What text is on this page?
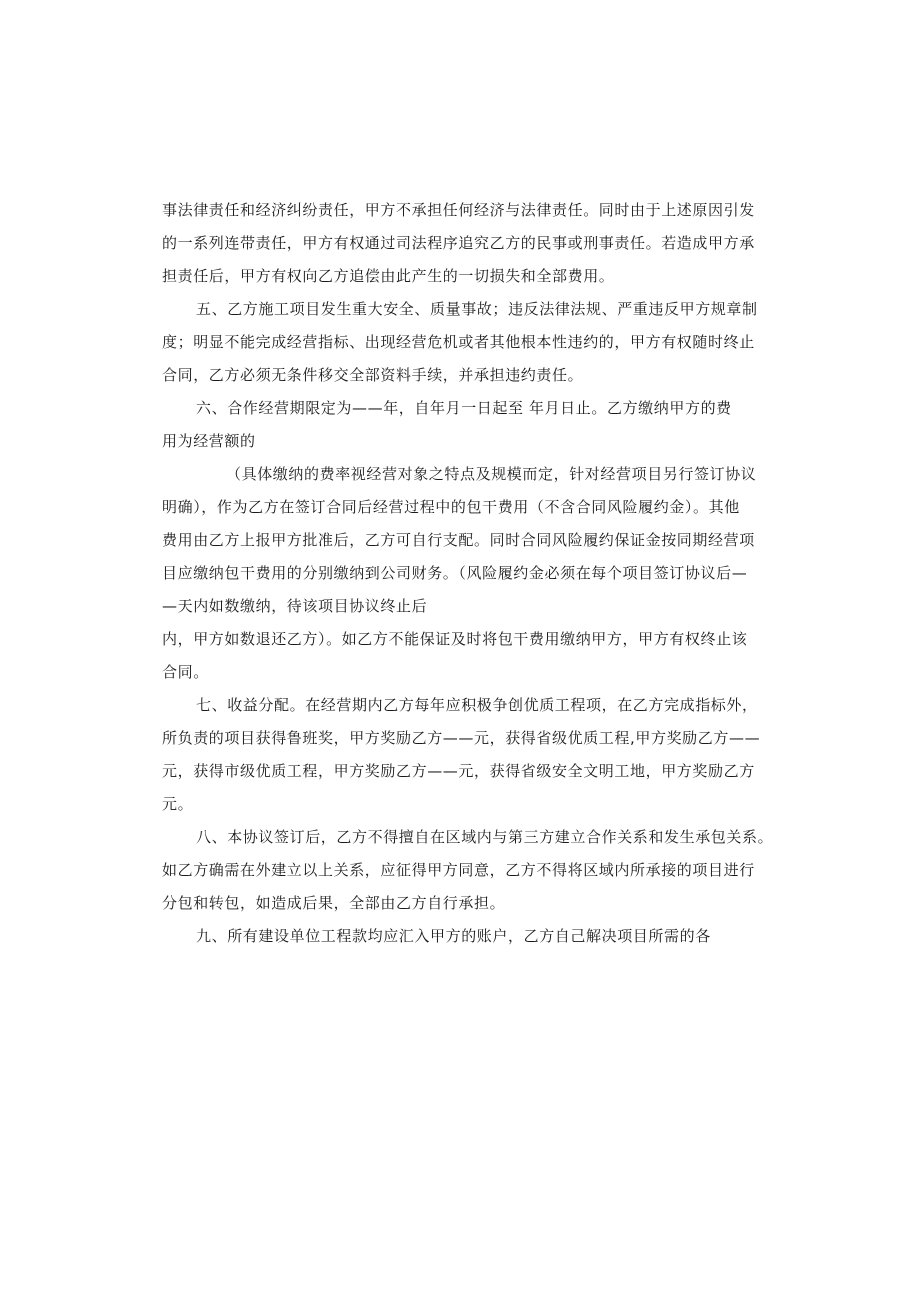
事法律责任和经济纠纷责任，甲方不承担任何经济与法律责任。同时由于上述原因引发
的一系列连带责任，甲方有权通过司法程序追究乙方的民事或刑事责任。若造成甲方承
担责任后，甲方有权向乙方追偿由此产生的一切损失和全部费用。
五、乙方施工项目发生重大安全、质量事故；违反法律法规、严重违反甲方规章制
度；明显不能完成经营指标、出现经营危机或者其他根本性违约的，甲方有权随时终止
合同，乙方必须无条件移交全部资料手续，并承担违约责任。
六、合作经营期限定为——年，自年月一日起至 年月日止。乙方缴纳甲方的费
用为经营额的
（具体缴纳的费率视经营对象之特点及规模而定，针对经营项目另行签订协议
明确），作为乙方在签订合同后经营过程中的包干费用（不含合同风险履约金）。其他
费用由乙方上报甲方批准后，乙方可自行支配。同时合同风险履约保证金按同期经营项
目应缴纳包干费用的分别缴纳到公司财务。（风险履约金必须在每个项目签订协议后—
—天内如数缴纳，待该项目协议终止后
内，甲方如数退还乙方）。如乙方不能保证及时将包干费用缴纳甲方，甲方有权终止该
合同。
七、收益分配。在经营期内乙方每年应积极争创优质工程项，在乙方完成指标外，
所负责的项目获得鲁班奖，甲方奖励乙方——元，获得省级优质工程,甲方奖励乙方——
元，获得市级优质工程，甲方奖励乙方——元，获得省级安全文明工地，甲方奖励乙方
元。
八、本协议签订后，乙方不得擅自在区域内与第三方建立合作关系和发生承包关系。
如乙方确需在外建立以上关系，应征得甲方同意，乙方不得将区域内所承接的项目进行
分包和转包，如造成后果，全部由乙方自行承担。
九、所有建设单位工程款均应汇入甲方的账户，乙方自己解决项目所需的各
